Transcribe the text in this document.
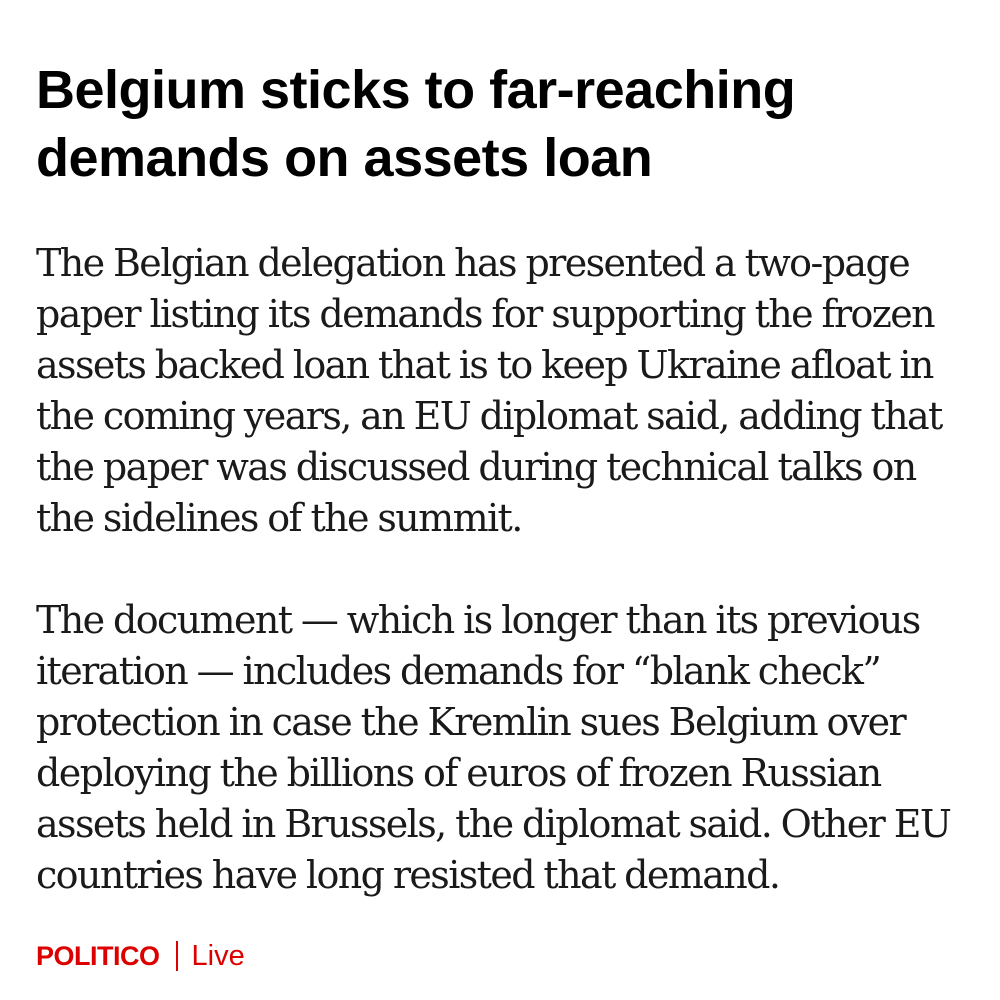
Belgium sticks to far-reaching demands on assets loan

The Belgian delegation has presented a two-page paper listing its demands for supporting the frozen assets backed loan that is to keep Ukraine afloat in the coming years, an EU diplomat said, adding that the paper was discussed during technical talks on the sidelines of the summit.

The document — which is longer than its previous iteration — includes demands for “blank check” protection in case the Kremlin sues Belgium over deploying the billions of euros of frozen Russian assets held in Brussels, the diplomat said. Other EU countries have long resisted that demand.

POLITICO Live
